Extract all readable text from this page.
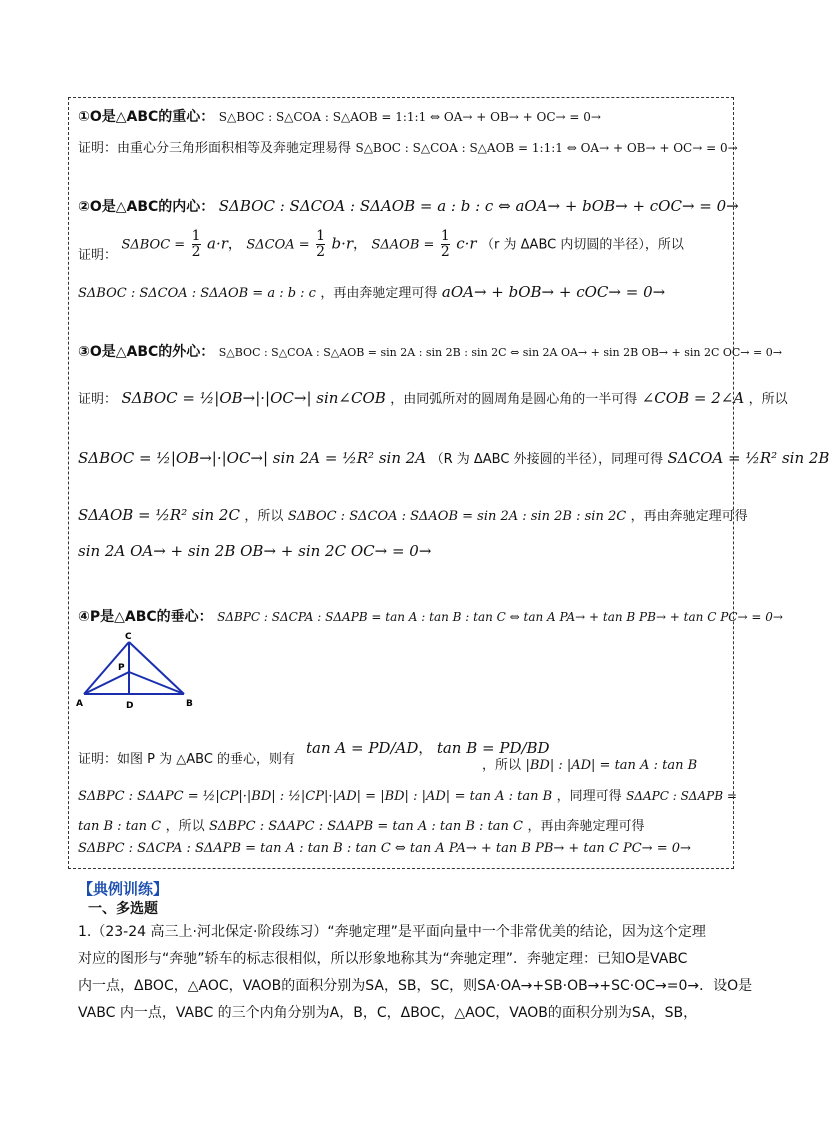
①O是△ABC的重心： S△BOC : S△COA : S△AOB = 1:1:1 ⇔ OA→ + OB→ + OC→ = 0→
证明：由重心分三角形面积相等及奔驰定理易得 S△BOC : S△COA : S△AOB = 1:1:1 ⇔ OA→ + OB→ + OC→ = 0→
②O是△ABC的内心： SΔBOC : SΔCOA : SΔAOB = a : b : c ⇔ aOA→ + bOB→ + cOC→ = 0→
证明： $S\Delta BOC = \frac{1}{2} a\cdot r$， $S\Delta COA = \frac{1}{2} b\cdot r$， $S\Delta AOB = \frac{1}{2} c\cdot r$ （r 为 ΔABC 内切圆的半径），所以
SΔBOC : SΔCOA : SΔAOB = a : b : c ，再由奔驰定理可得 aOA→ + bOB→ + cOC→ = 0→
③O是△ABC的外心： S△BOC : S△COA : S△AOB = sin 2A : sin 2B : sin 2C ⇔ sin 2A OA→ + sin 2B OB→ + sin 2C OC→ = 0→
证明： SΔBOC = ½|OB→|·|OC→| sin∠COB ，由同弧所对的圆周角是圆心角的一半可得 ∠COB = 2∠A ，所以
SΔBOC = ½|OB→|·|OC→| sin 2A = ½R² sin 2A （R 为 ΔABC 外接圆的半径），同理可得 SΔCOA = ½R² sin 2B
SΔAOB = ½R² sin 2C ，所以 SΔBOC : SΔCOA : SΔAOB = sin 2A : sin 2B : sin 2C ，再由奔驰定理可得
sin 2A OA→ + sin 2B OB→ + sin 2C OC→ = 0→
④P是△ABC的垂心： SΔBPC : SΔCPA : SΔAPB = tan A : tan B : tan C ⇔ tan A PA→ + tan B PB→ + tan C PC→ = 0→
C
P
A	D	B
tan A = PD/AD， tan B = PD/BD
证明：如图 P 为 △ABC 的垂心，则有	，所以 |BD| : |AD| = tan A : tan B
SΔBPC : SΔAPC = ½|CP|·|BD| : ½|CP|·|AD| = |BD| : |AD| = tan A : tan B ，同理可得 SΔAPC : SΔAPB =
tan B : tan C ，所以 SΔBPC : SΔAPC : SΔAPB = tan A : tan B : tan C ，再由奔驰定理可得
SΔBPC : SΔCPA : SΔAPB = tan A : tan B : tan C ⇔ tan A PA→ + tan B PB→ + tan C PC→ = 0→
【典例训练】
一、多选题
1.（23-24 高三上·河北保定·阶段练习）“奔驰定理”是平面向量中一个非常优美的结论，因为这个定理
对应的图形与“奔驰”轿车的标志很相似，所以形象地称其为“奔驰定理”．奔驰定理：已知O是VABC
内一点，ΔBOC，△AOC，VAOB的面积分别为SA，SB，SC，则SA·OA→+SB·OB→+SC·OC→=0→．设O是
VABC 内一点，VABC 的三个内角分别为A，B，C，ΔBOC，△AOC，VAOB的面积分别为SA，SB，
